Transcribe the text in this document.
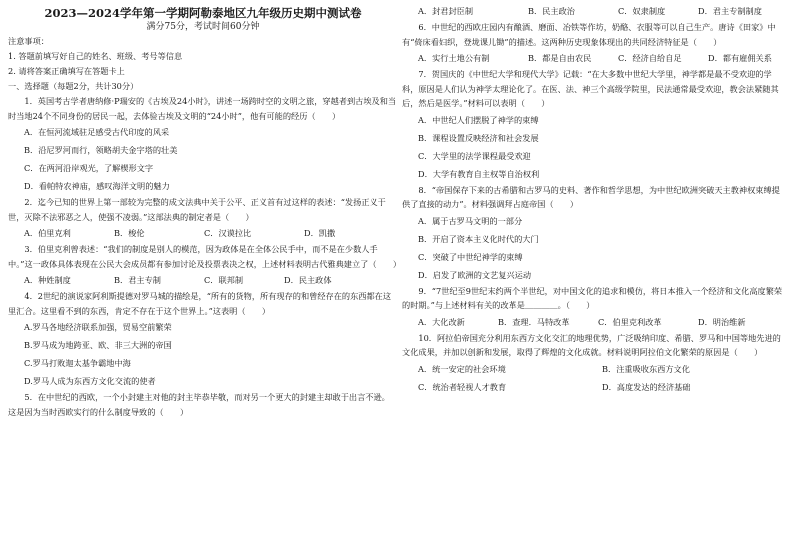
2023—2024学年第一学期阿勒泰地区九年级历史期中测试卷
满分75分，考试时间60分钟
注意事项：
1. 答题前填写好自己的姓名、班级、考号等信息
2. 请将答案正确填写在答题卡上
一、选择题（每题2分，共计30分）
1．英国考古学者唐纳修·P瑞安的《古埃及24小时》，讲述一场跨时空的文明之旅，穿越者到古埃及和当时当地24个不同身份的居民一起，去体验古埃及文明的“24小时”，他有可能的经历（　　）
A．在恒河流域驻足感受古代印度的风采
B．沿尼罗河而行，领略胡夫金字塔的壮美
C．在两河沿岸观光，了解楔形文字
D．看帕特农神庙，感叹海洋文明的魅力
2．迄今已知的世界上第一部较为完整的成文法典中关于公平、正义首有过这样的表述：“发扬正义于世，灭除不法邪恶之人，使强不凌弱。”这部法典的制定者是（　　）
A．伯里克利	B．梭伦	C．汉谟拉比	D．凯撒
3．伯里克利曾表述：“我们的制度是别人的模范，因为政体是在全体公民手中，而不是在少数人手中。”这一政体具体表现在公民大会成员都有参加讨论及投票表决之权，上述材料表明古代雅典建立了（　　）
A．种姓制度	B．君主专制	C．联邦制	D．民主政体
4．2世纪的演说家阿利斯提德对罗马城的描绘是，“所有的货物，所有现存的和曾经存在的东西都在这里汇合。这里看不到的东西，肯定不存在于这个世界上。”这表明（　　）
A.罗马各地经济联系加强，贸易空前繁荣
B.罗马成为地跨亚、欧、非三大洲的帝国
C.罗马打败迦太基争霸地中海
D.罗马人成为东西方文化交流的使者
5．在中世纪的西欧，一个小封建主对他的封主毕恭毕敬，而对另一个更大的封建主却敢于出言不逊。这是因为当时西欧实行的什么制度导致的（　　）
A．封君封臣制	B．民主政治	C．奴隶制度	D．君主专制制度
6．中世纪的西欧庄园内有酿酒、磨面、冶铁等作坊，奶酪、衣服等可以自己生产。唐诗《田家》中有“倚床看妇织，登垅课儿锄”的描述。这两种历史现象体现出的共同经济特征是（　　）
A．实行土地公有制	B．都是自由农民	C．经济自给自足	D．都有雇佣关系
7．贺国庆的《中世纪大学和现代大学》记载：“在大多数中世纪大学里，神学都是最不受欢迎的学科，原因是人们认为神学太理论化了。在医、法、神三个高级学院里，民法通常最受欢迎，教会法紧随其后，然后是医学。”材料可以表明（　　）
A．中世纪人们摆脱了神学的束缚
B．课程设置反映经济和社会发展
C．大学里的法学课程最受欢迎
D．大学有教育自主权等自治权利
8．“帝国保存下来的古希腊和古罗马的史料、著作和哲学思想，为中世纪欧洲突破天主教神权束缚提供了直接的动力”。材料强调拜占庭帝国（　　）
A．属于古罗马文明的一部分
B．开启了资本主义化时代的大门
C．突破了中世纪神学的束缚
D．启发了欧洲的文艺复兴运动
9．“7世纪至9世纪末约两个半世纪，对中国文化的追求和模仿，将日本推入一个经济和文化高度繁荣的时期。”与上述材料有关的改革是＿＿＿＿。（　　）
A．大化改新	B．查理．马特改革	C．伯里克利改革	D．明治维新
10．阿拉伯帝国充分利用东西方文化交汇的地理优势，广泛吸纳印度、希腊、罗马和中国等地先进的文化成果，并加以创新和发展，取得了辉煌的文化成就。材料说明阿拉伯文化繁荣的原因是（　　）
A．统一安定的社会环境	B．注重吸收东西方文化
C．统治者轻视人才教育	D．高度发达的经济基础
